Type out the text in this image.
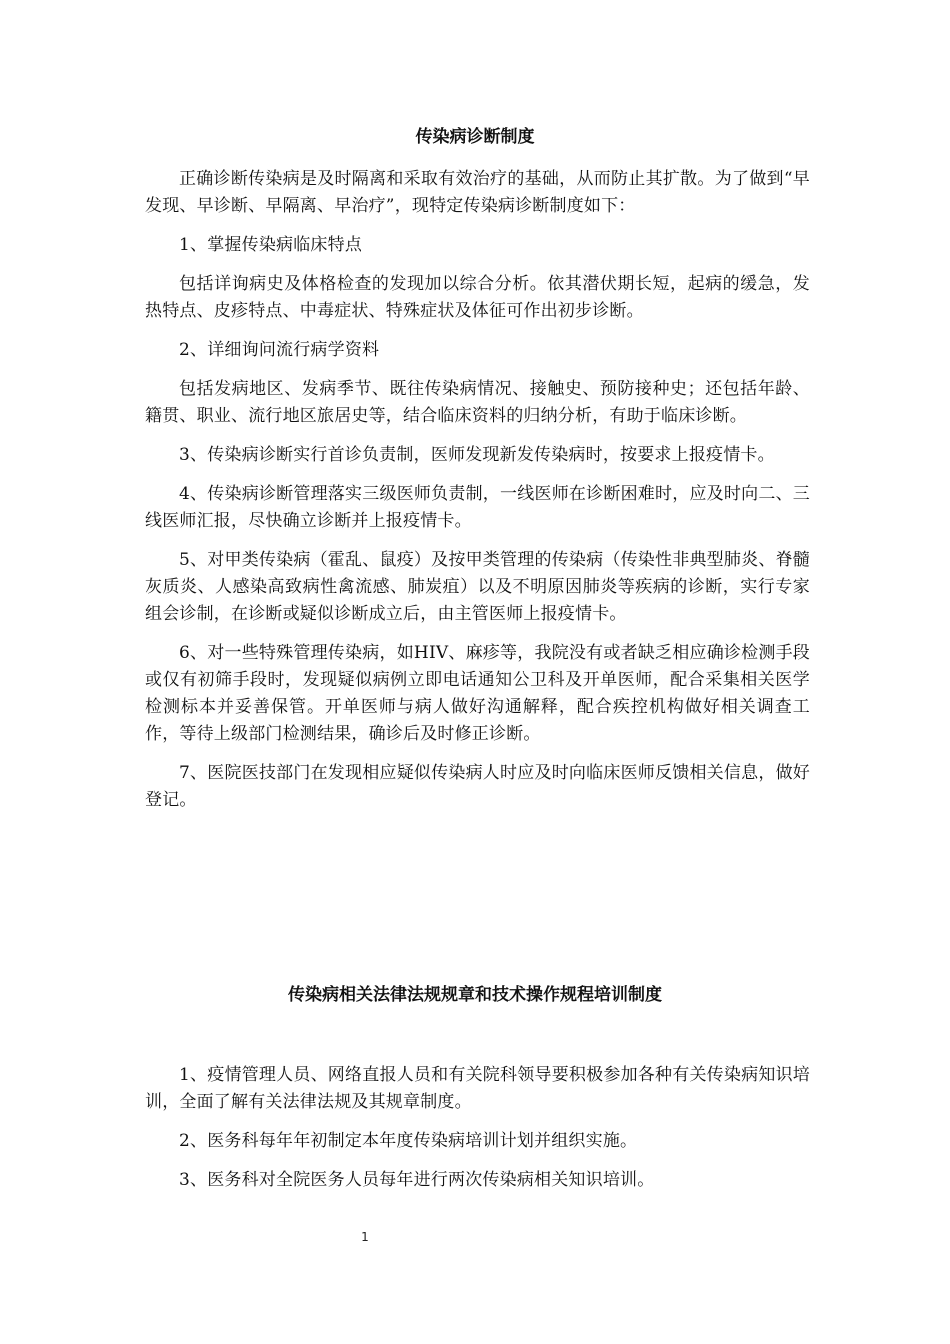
传染病诊断制度

正确诊断传染病是及时隔离和采取有效治疗的基础，从而防止其扩散。为了做到“早发现、早诊断、早隔离、早治疗”，现特定传染病诊断制度如下：

1、掌握传染病临床特点

包括详询病史及体格检查的发现加以综合分析。依其潜伏期长短，起病的缓急，发热特点、皮疹特点、中毒症状、特殊症状及体征可作出初步诊断。

2、详细询问流行病学资料

包括发病地区、发病季节、既往传染病情况、接触史、预防接种史；还包括年龄、籍贯、职业、流行地区旅居史等，结合临床资料的归纳分析，有助于临床诊断。

3、传染病诊断实行首诊负责制，医师发现新发传染病时，按要求上报疫情卡。

4、传染病诊断管理落实三级医师负责制，一线医师在诊断困难时，应及时向二、三线医师汇报，尽快确立诊断并上报疫情卡。

5、对甲类传染病（霍乱、鼠疫）及按甲类管理的传染病（传染性非典型肺炎、脊髓灰质炎、人感染高致病性禽流感、肺炭疽）以及不明原因肺炎等疾病的诊断，实行专家组会诊制，在诊断或疑似诊断成立后，由主管医师上报疫情卡。

6、对一些特殊管理传染病，如HIV、麻疹等，我院没有或者缺乏相应确诊检测手段或仅有初筛手段时，发现疑似病例立即电话通知公卫科及开单医师，配合采集相关医学检测标本并妥善保管。开单医师与病人做好沟通解释，配合疾控机构做好相关调查工作，等待上级部门检测结果，确诊后及时修正诊断。

7、医院医技部门在发现相应疑似传染病人时应及时向临床医师反馈相关信息，做好登记。

传染病相关法律法规规章和技术操作规程培训制度

1、疫情管理人员、网络直报人员和有关院科领导要积极参加各种有关传染病知识培训，全面了解有关法律法规及其规章制度。

2、医务科每年年初制定本年度传染病培训计划并组织实施。

3、医务科对全院医务人员每年进行两次传染病相关知识培训。

1
